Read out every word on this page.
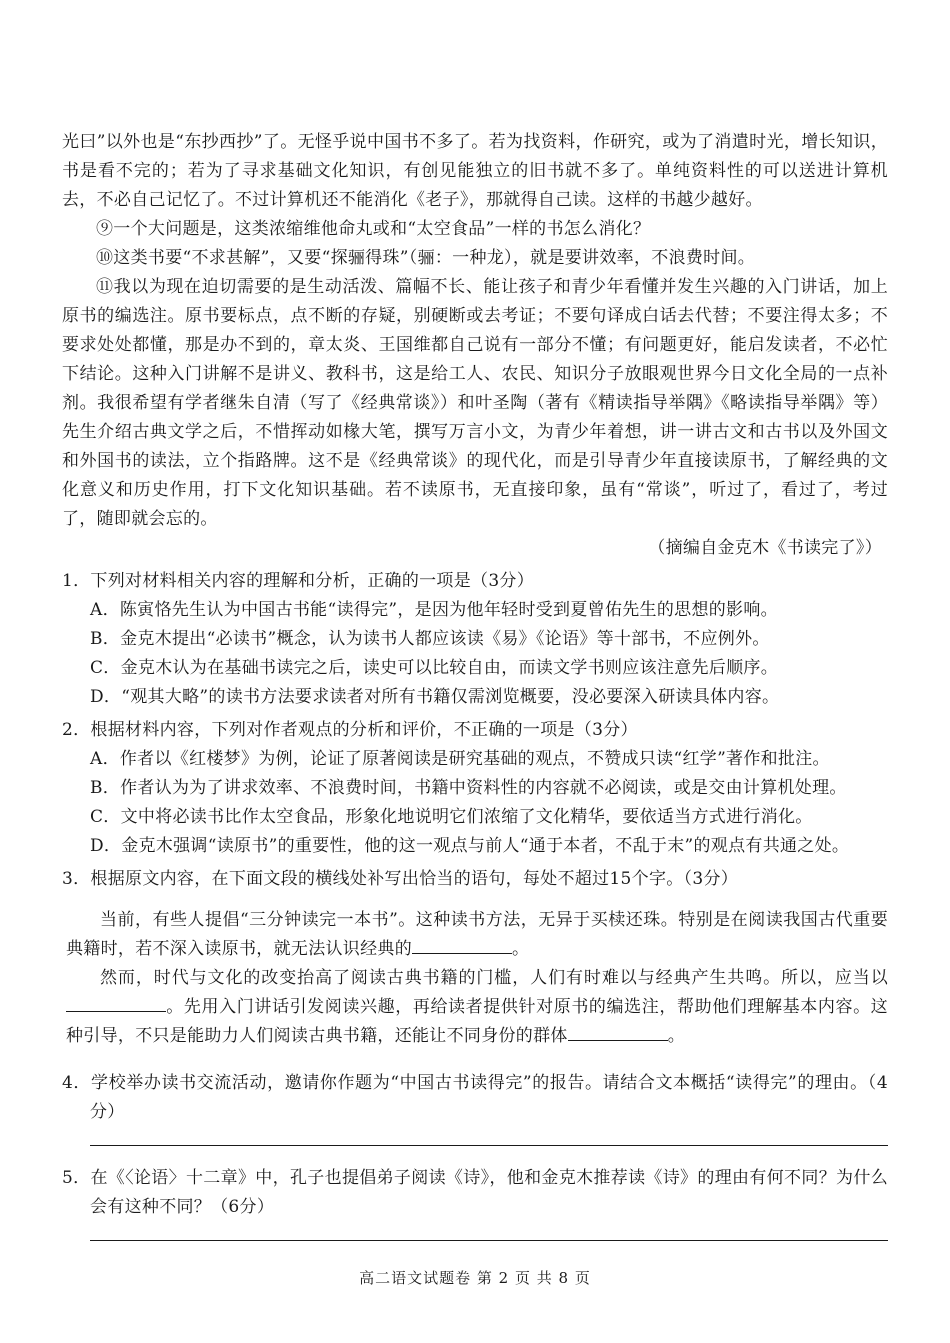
光曰”以外也是“东抄西抄”了。无怪乎说中国书不多了。若为找资料，作研究，或为了消遣时光，增长知识，书是看不完的；若为了寻求基础文化知识，有创见能独立的旧书就不多了。单纯资料性的可以送进计算机去，不必自己记忆了。不过计算机还不能消化《老子》，那就得自己读。这样的书越少越好。

⑨一个大问题是，这类浓缩维他命丸或和“太空食品”一样的书怎么消化？

⑩这类书要“不求甚解”，又要“探骊得珠”（骊：一种龙），就是要讲效率，不浪费时间。

⑪我以为现在迫切需要的是生动活泼、篇幅不长、能让孩子和青少年看懂并发生兴趣的入门讲话，加上原书的编选注。原书要标点，点不断的存疑，别硬断或去考证；不要句译成白话去代替；不要注得太多；不要求处处都懂，那是办不到的，章太炎、王国维都自己说有一部分不懂；有问题更好，能启发读者，不必忙下结论。这种入门讲解不是讲义、教科书，这是给工人、农民、知识分子放眼观世界今日文化全局的一点补剂。我很希望有学者继朱自清（写了《经典常谈》）和叶圣陶（著有《精读指导举隅》《略读指导举隅》等）先生介绍古典文学之后，不惜挥动如椽大笔，撰写万言小文，为青少年着想，讲一讲古文和古书以及外国文和外国书的读法，立个指路牌。这不是《经典常谈》的现代化，而是引导青少年直接读原书，了解经典的文化意义和历史作用，打下文化知识基础。若不读原书，无直接印象，虽有“常谈”，听过了，看过了，考过了，随即就会忘的。

（摘编自金克木《书读完了》）

1．下列对材料相关内容的理解和分析，正确的一项是（3分）

A．陈寅恪先生认为中国古书能“读得完”，是因为他年轻时受到夏曾佑先生的思想的影响。

B．金克木提出“必读书”概念，认为读书人都应该读《易》《论语》等十部书，不应例外。

C．金克木认为在基础书读完之后，读史可以比较自由，而读文学书则应该注意先后顺序。

D．“观其大略”的读书方法要求读者对所有书籍仅需浏览概要，没必要深入研读具体内容。

2．根据材料内容，下列对作者观点的分析和评价，不正确的一项是（3分）

A．作者以《红楼梦》为例，论证了原著阅读是研究基础的观点，不赞成只读“红学”著作和批注。

B．作者认为为了讲求效率、不浪费时间，书籍中资料性的内容就不必阅读，或是交由计算机处理。

C．文中将必读书比作太空食品，形象化地说明它们浓缩了文化精华，要依适当方式进行消化。

D．金克木强调“读原书”的重要性，他的这一观点与前人“通于本者，不乱于末”的观点有共通之处。

3．根据原文内容，在下面文段的横线处补写出恰当的语句，每处不超过15个字。（3分）

当前，有些人提倡“三分钟读完一本书”。这种读书方法，无异于买椟还珠。特别是在阅读我国古代重要典籍时，若不深入读原书，就无法认识经典的	。

然而，时代与文化的改变抬高了阅读古典书籍的门槛，人们有时难以与经典产生共鸣。所以，应当以。先用入门讲话引发阅读兴趣，再给读者提供针对原书的编选注，帮助他们理解基本内容。这种引导，不只是能助力人们阅读古典书籍，还能让不同身份的群体	。

4．学校举办读书交流活动，邀请你作题为“中国古书读得完”的报告。请结合文本概括“读得完”的理由。（4分）

5．在《〈论语〉十二章》中，孔子也提倡弟子阅读《诗》，他和金克木推荐读《诗》的理由有何不同？为什么会有这种不同？（6分）

高二语文试题卷 第 2 页 共 8 页
